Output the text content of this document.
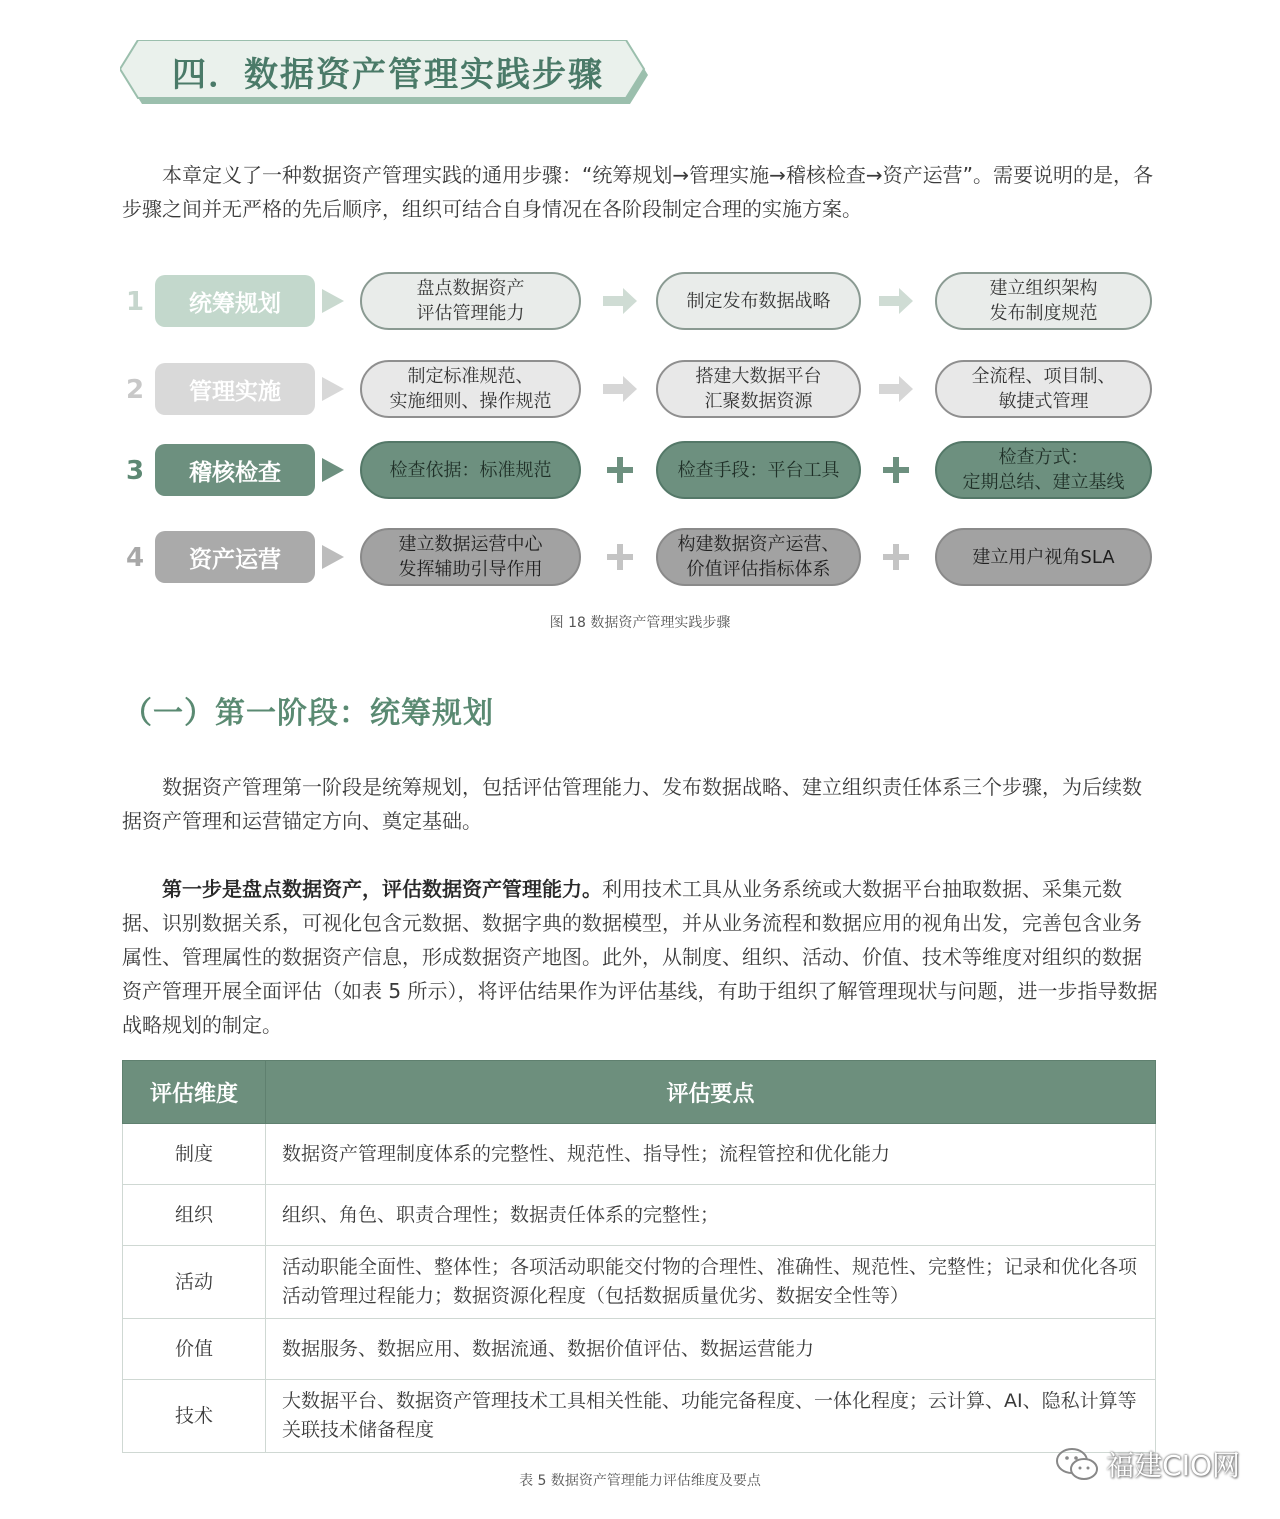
四．数据资产管理实践步骤

本章定义了一种数据资产管理实践的通用步骤：“统筹规划→管理实施→稽核检查→资产运营”。需要说明的是，各步骤之间并无严格的先后顺序，组织可结合自身情况在各阶段制定合理的实施方案。

1	统筹规划
盘点数据资产
评估管理能力
制定发布数据战略
建立组织架构
发布制度规范
2	管理实施
制定标准规范、
实施细则、操作规范
搭建大数据平台
汇聚数据资源
全流程、项目制、
敏捷式管理
3	稽核检查	检查依据：标准规范	检查手段：平台工具
检查方式：
定期总结、建立基线
4	资产运营
建立数据运营中心
发挥辅助引导作用
构建数据资产运营、
价值评估指标体系
建立用户视角SLA
图 18 数据资产管理实践步骤
（一）第一阶段：统筹规划

数据资产管理第一阶段是统筹规划，包括评估管理能力、发布数据战略、建立组织责任体系三个步骤，为后续数据资产管理和运营锚定方向、奠定基础。

第一步是盘点数据资产，评估数据资产管理能力。利用技术工具从业务系统或大数据平台抽取数据、采集元数据、识别数据关系，可视化包含元数据、数据字典的数据模型，并从业务流程和数据应用的视角出发，完善包含业务属性、管理属性的数据资产信息，形成数据资产地图。此外，从制度、组织、活动、价值、技术等维度对组织的数据资产管理开展全面评估（如表 5 所示），将评估结果作为评估基线，有助于组织了解管理现状与问题，进一步指导数据战略规划的制定。

评估维度	评估要点
制度	数据资产管理制度体系的完整性、规范性、指导性；流程管控和优化能力
组织	组织、角色、职责合理性；数据责任体系的完整性；
活动	活动职能全面性、整体性；各项活动职能交付物的合理性、准确性、规范性、完整性；记录和优化各项活动管理过程能力；数据资源化程度（包括数据质量优劣、数据安全性等）
价值	数据服务、数据应用、数据流通、数据价值评估、数据运营能力
技术	大数据平台、数据资产管理技术工具相关性能、功能完备程度、一体化程度；云计算、AI、隐私计算等关联技术储备程度
表 5 数据资产管理能力评估维度及要点	福建CIO网
